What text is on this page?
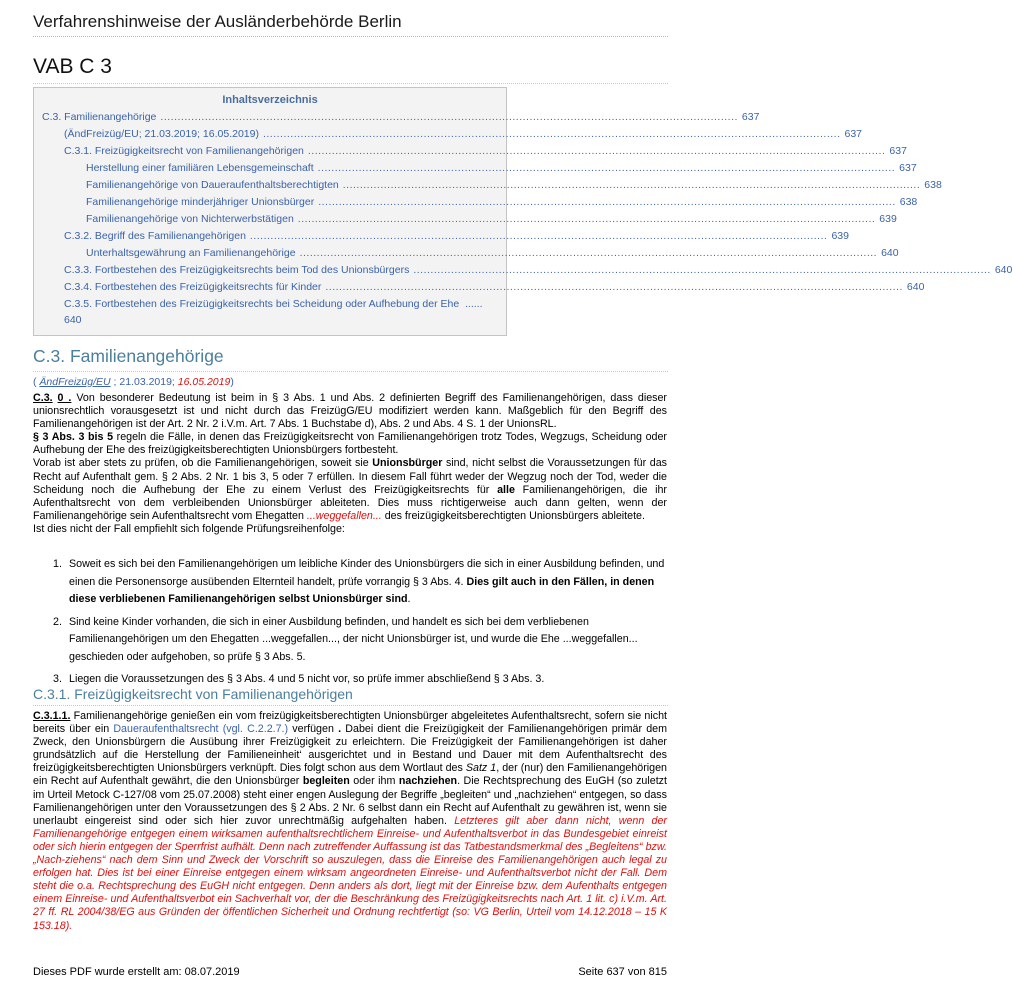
Verfahrenshinweise der Ausländerbehörde Berlin
VAB C 3
Inhaltsverzeichnis
C.3. Familienangehörige ......................................................................................................................................................................... 637
(ÄndFreizüg/EU; 21.03.2019; 16.05.2019) ......................................................................................................................................................................... 637
C.3.1. Freizügigkeitsrecht von Familienangehörigen ......................................................................................................................................................................... 637
Herstellung einer familiären Lebensgemeinschaft ......................................................................................................................................................................... 637
Familienangehörige von Daueraufenthaltsberechtigten ......................................................................................................................................................................... 638
Familienangehörige minderjähriger Unionsbürger ......................................................................................................................................................................... 638
Familienangehörige von Nichterwerbstätigen ......................................................................................................................................................................... 639
C.3.2. Begriff des Familienangehörigen ......................................................................................................................................................................... 639
Unterhaltsgewährung an Familienangehörige ......................................................................................................................................................................... 640
C.3.3. Fortbestehen des Freizügigkeitsrechts beim Tod des Unionsbürgers ......................................................................................................................................................................... 640
C.3.4. Fortbestehen des Freizügigkeitsrechts für Kinder ......................................................................................................................................................................... 640
C.3.5. Fortbestehen des Freizügigkeitsrechts bei Scheidung oder Aufhebung der Ehe ......
640
C.3. Familienangehörige
( ÄndFreizüg/EU ; 21.03.2019; 16.05.2019)

C.3. 0 . Von besonderer Bedeutung ist beim in § 3 Abs. 1 und Abs. 2 definierten Begriff des Familienangehörigen, dass dieser unionsrechtlich vorausgesetzt ist und nicht durch das FreizügG/EU modifiziert werden kann. Maßgeblich für den Begriff des Familienangehörigen ist der Art. 2 Nr. 2 i.V.m. Art. 7 Abs. 1 Buchstabe d), Abs. 2 und Abs. 4 S. 1 der UnionsRL.

§ 3 Abs. 3 bis 5 regeln die Fälle, in denen das Freizügigkeitsrecht von Familienangehörigen trotz Todes, Wegzugs, Scheidung oder Aufhebung der Ehe des freizügigkeitsberechtigten Unionsbürgers fortbesteht.

Vorab ist aber stets zu prüfen, ob die Familienangehörigen, soweit sie Unionsbürger sind, nicht selbst die Voraussetzungen für das Recht auf Aufenthalt gem. § 2 Abs. 2 Nr. 1 bis 3, 5 oder 7 erfüllen. In diesem Fall führt weder der Wegzug noch der Tod, weder die Scheidung noch die Aufhebung der Ehe zu einem Verlust des Freizügigkeitsrechts für alle Familienangehörigen, die ihr Aufenthaltsrecht von dem verbleibenden Unionsbürger ableiteten. Dies muss richtigerweise auch dann gelten, wenn der Familienangehörige sein Aufenthaltsrecht vom Ehegatten ...weggefallen... des freizügigkeitsberechtigten Unionsbürgers ableitete.

Ist dies nicht der Fall empfiehlt sich folgende Prüfungsreihenfolge:

1. Soweit es sich bei den Familienangehörigen um leibliche Kinder des Unionsbürgers die sich in einer Ausbildung befinden, und einen die Personensorge ausübenden Elternteil handelt, prüfe vorrangig § 3 Abs. 4. Dies gilt auch in den Fällen, in denen diese verbliebenen Familienangehörigen selbst Unionsbürger sind.
2. Sind keine Kinder vorhanden, die sich in einer Ausbildung befinden, und handelt es sich bei dem verbliebenen Familienangehörigen um den Ehegatten ...weggefallen..., der nicht Unionsbürger ist, und wurde die Ehe ...weggefallen... geschieden oder aufgehoben, so prüfe § 3 Abs. 5.
3. Liegen die Voraussetzungen des § 3 Abs. 4 und 5 nicht vor, so prüfe immer abschließend § 3 Abs. 3.
C.3.1. Freizügigkeitsrecht von Familienangehörigen

C.3.1.1. Familienangehörige genießen ein vom freizügigkeitsberechtigten Unionsbürger abgeleitetes Aufenthaltsrecht, sofern sie nicht bereits über ein Daueraufenthaltsrecht (vgl. C.2.2.7.) verfügen . Dabei dient die Freizügigkeit der Familienangehörigen primär dem Zweck, den Unionsbürgern die Ausübung ihrer Freizügigkeit zu erleichtern. Die Freizügigkeit der Familienangehörigen ist daher grundsätzlich auf die Herstellung der Familieneinheit‘ ausgerichtet und in Bestand und Dauer mit dem Aufenthaltsrecht des freizügigkeitsberechtigten Unionsbürgers verknüpft. Dies folgt schon aus dem Wortlaut des Satz 1, der (nur) den Familienangehörigen ein Recht auf Aufenthalt gewährt, die den Unionsbürger begleiten oder ihm nachziehen. Die Rechtsprechung des EuGH (so zuletzt im Urteil Metock C-127/08 vom 25.07.2008) steht einer engen Auslegung der Begriffe „begleiten“ und „nachziehen“ entgegen, so dass Familienangehörigen unter den Voraussetzungen des § 2 Abs. 2 Nr. 6 selbst dann ein Recht auf Aufenthalt zu gewähren ist, wenn sie unerlaubt eingereist sind oder sich hier zuvor unrechtmäßig aufgehalten haben. Letzteres gilt aber dann nicht, wenn der Familienangehörige entgegen einem wirksamen aufenthaltsrechtlichem Einreise- und Aufenthaltsverbot in das Bundesgebiet einreist oder sich hierin entgegen der Sperrfrist aufhält. Denn nach zutreffender Auffassung ist das Tatbestandsmerkmal des „Begleitens“ bzw. „Nach-ziehens“ nach dem Sinn und Zweck der Vorschrift so auszulegen, dass die Einreise des Familienangehörigen auch legal zu erfolgen hat. Dies ist bei einer Einreise entgegen einem wirksam angeordneten Einreise- und Aufenthaltsverbot nicht der Fall. Dem steht die o.a. Rechtsprechung des EuGH nicht entgegen. Denn anders als dort, liegt mit der Einreise bzw. dem Aufenthalts entgegen einem Einreise- und Aufenthaltsverbot ein Sachverhalt vor, der die Beschränkung des Freizügigkeitsrechts nach Art. 1 lit. c) i.V.m. Art. 27 ff. RL 2004/38/EG aus Gründen der öffentlichen Sicherheit und Ordnung rechtfertigt (so: VG Berlin, Urteil vom 14.12.2018 – 15 K 153.18).

Dieses PDF wurde erstellt am: 08.07.2019	Seite 637 von 815
